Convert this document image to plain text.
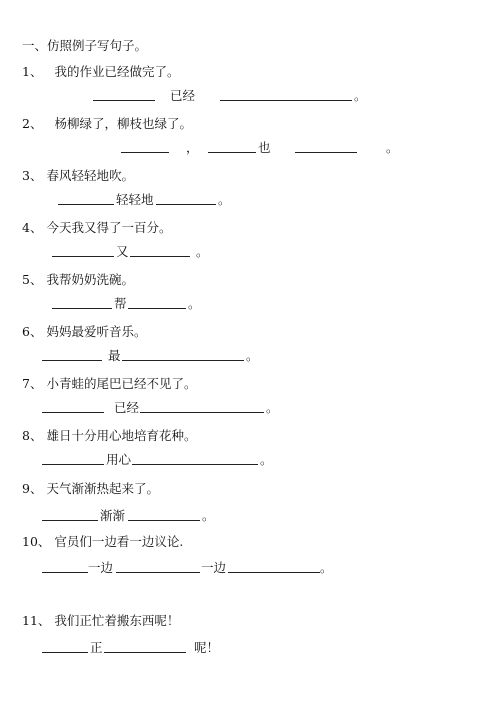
一、仿照例子写句子。
1、 我的作业已经做完了。
已经	。
2、 杨柳绿了，柳枝也绿了。
，	也	。
3、 春风轻轻地吹。
轻轻地	。
4、 今天我又得了一百分。
又	。
5、 我帮奶奶洗碗。
帮	。
6、 妈妈最爱听音乐。
最	。
7、 小青蛙的尾巴已经不见了。
已经	。
8、 雄日十分用心地培育花种。
用心	。
9、 天气渐渐热起来了。
渐渐	。
10、 官员们一边看一边议论.
一边	一边	。
11、 我们正忙着搬东西呢！
正	呢！
